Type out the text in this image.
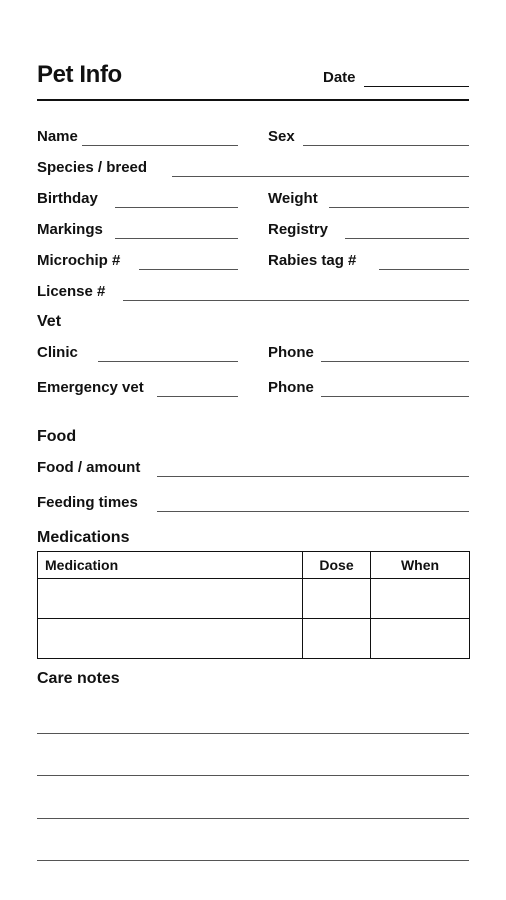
Pet Info	Date
Name	Sex
Species / breed
Birthday	Weight
Markings	Registry
Microchip #	Rabies tag #
License #
Vet
Clinic	Phone
Emergency vet	Phone
Food
Food / amount
Feeding times
Medications
Medication	Dose	When

Care notes
